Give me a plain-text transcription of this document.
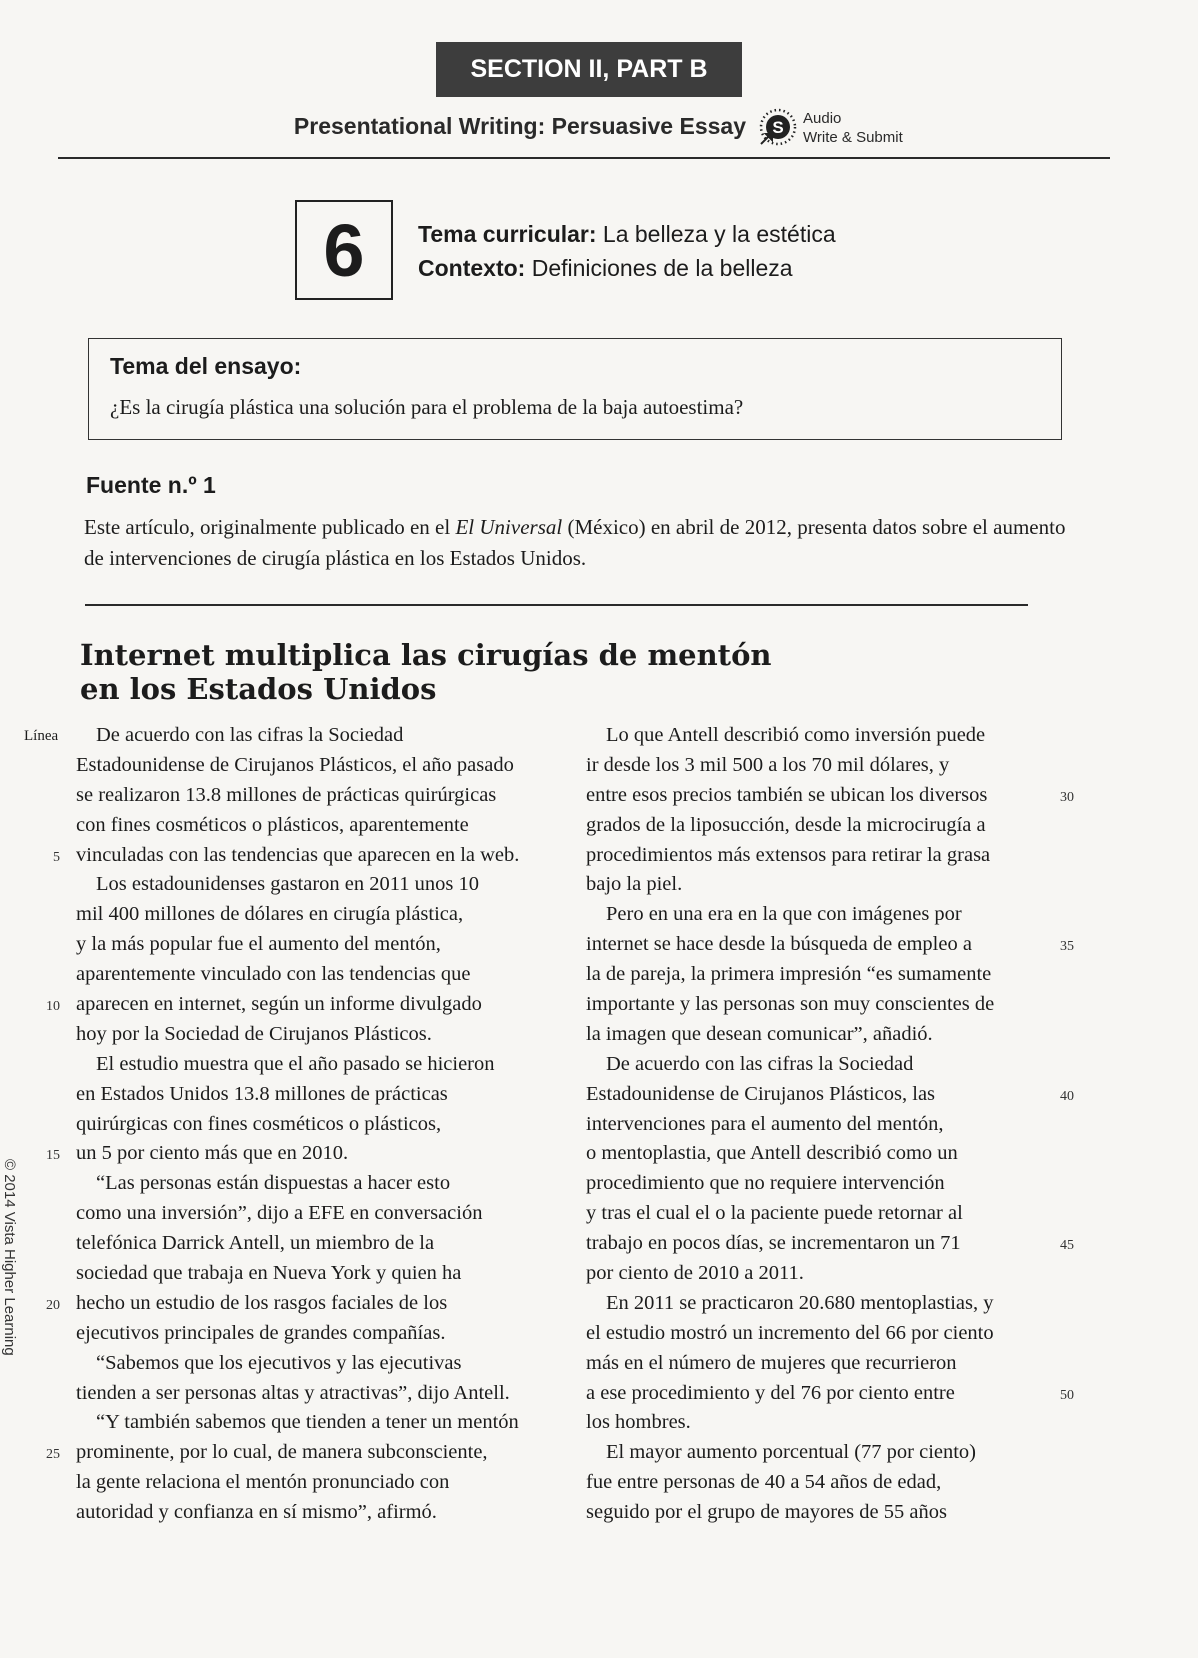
SECTION II, PART B
Presentational Writing: Persuasive Essay S Audio
Write & Submit
6	Tema curricular: La belleza y la estética
Contexto: Definiciones de la belleza
Tema del ensayo:
¿Es la cirugía plástica una solución para el problema de la baja autoestima?
Fuente n.º 1
Este artículo, originalmente publicado en el El Universal (México) en abril de 2012, presenta datos sobre el aumento de intervenciones de cirugía plástica en los Estados Unidos.
Internet multiplica las cirugías de mentón
en los Estados Unidos
Línea	De acuerdo con las cifras la Sociedad
Estadounidense de Cirujanos Plásticos, el año pasado
se realizaron 13.8 millones de prácticas quirúrgicas
con fines cosméticos o plásticos, aparentemente
vinculadas con las tendencias que aparecen en la web.
5
Los estadounidenses gastaron en 2011 unos 10
mil 400 millones de dólares en cirugía plástica,
y la más popular fue el aumento del mentón,
aparentemente vinculado con las tendencias que
aparecen en internet, según un informe divulgado
10
hoy por la Sociedad de Cirujanos Plásticos.
El estudio muestra que el año pasado se hicieron
en Estados Unidos 13.8 millones de prácticas
quirúrgicas con fines cosméticos o plásticos,
un 5 por ciento más que en 2010.
15
“Las personas están dispuestas a hacer esto
como una inversión”, dijo a EFE en conversación
telefónica Darrick Antell, un miembro de la
sociedad que trabaja en Nueva York y quien ha
hecho un estudio de los rasgos faciales de los
20
ejecutivos principales de grandes compañías.
“Sabemos que los ejecutivos y las ejecutivas
tienden a ser personas altas y atractivas”, dijo Antell.
“Y también sabemos que tienden a tener un mentón
prominente, por lo cual, de manera subconsciente,
25
la gente relaciona el mentón pronunciado con
autoridad y confianza en sí mismo”, afirmó.
Lo que Antell describió como inversión puede
ir desde los 3 mil 500 a los 70 mil dólares, y
entre esos precios también se ubican los diversos	30
grados de la liposucción, desde la microcirugía a
procedimientos más extensos para retirar la grasa
bajo la piel.
Pero en una era en la que con imágenes por
internet se hace desde la búsqueda de empleo a	35
la de pareja, la primera impresión “es sumamente
importante y las personas son muy conscientes de
la imagen que desean comunicar”, añadió.
De acuerdo con las cifras la Sociedad
Estadounidense de Cirujanos Plásticos, las	40
intervenciones para el aumento del mentón,
o mentoplastia, que Antell describió como un
procedimiento que no requiere intervención
y tras el cual el o la paciente puede retornar al
trabajo en pocos días, se incrementaron un 71	45
por ciento de 2010 a 2011.
En 2011 se practicaron 20.680 mentoplastias, y
el estudio mostró un incremento del 66 por ciento
más en el número de mujeres que recurrieron
a ese procedimiento y del 76 por ciento entre	50
los hombres.
El mayor aumento porcentual (77 por ciento)
fue entre personas de 40 a 54 años de edad,
seguido por el grupo de mayores de 55 años
© 2014 Vista Higher Learning
